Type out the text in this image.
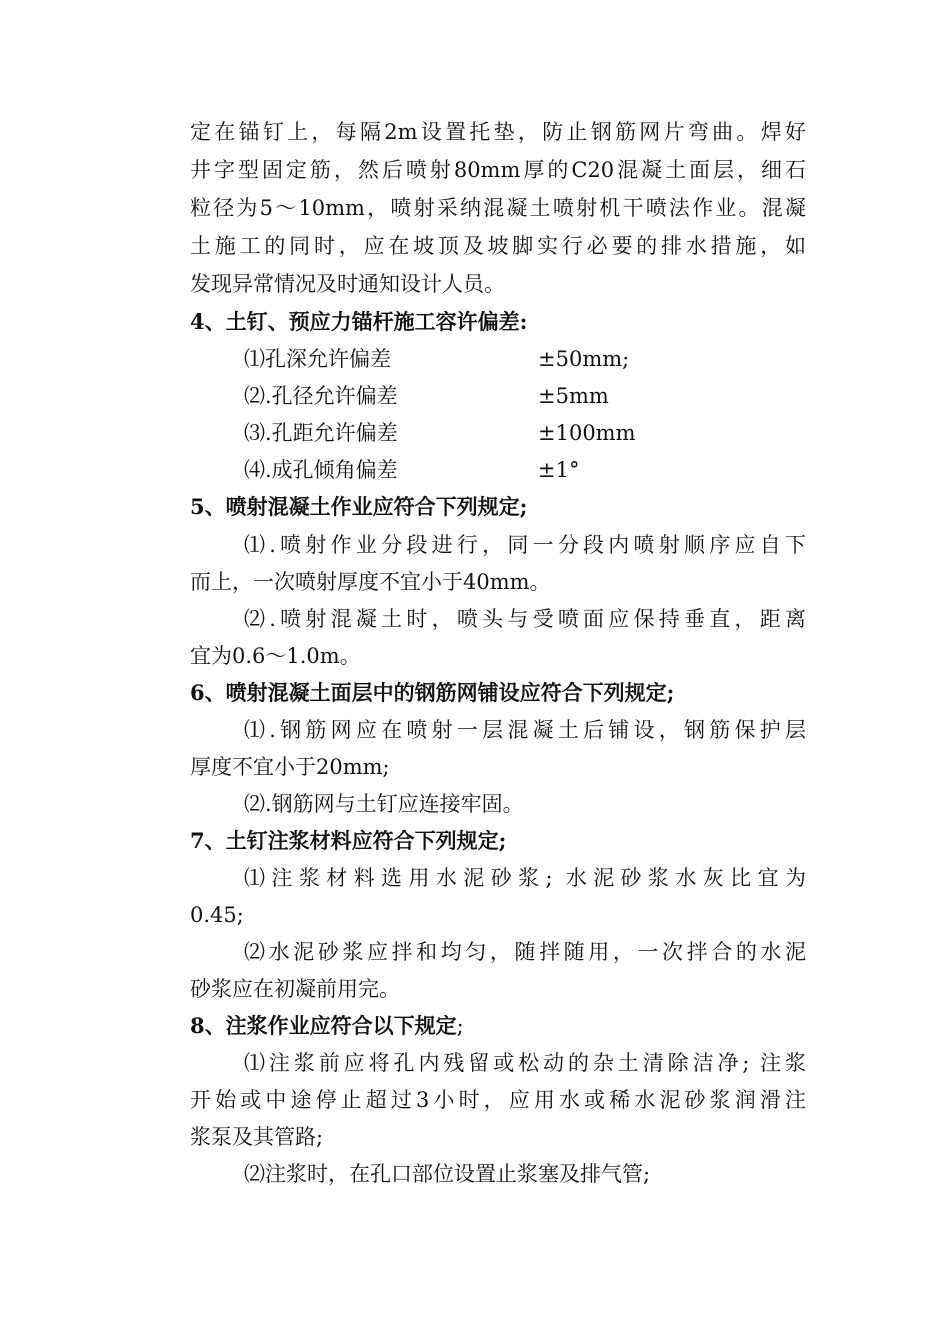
定在锚钉上，每隔2m设置托垫，防止钢筋网片弯曲。焊好
井字型固定筋，然后喷射80mm厚的C20混凝土面层，细石
粒径为5～10mm，喷射采纳混凝土喷射机干喷法作业。混凝
土施工的同时，应在坡顶及坡脚实行必要的排水措施，如
发现异常情况及时通知设计人员。
4、土钉、预应力锚杆施工容许偏差:
⑴孔深允许偏差	±50mm;
⑵.孔径允许偏差	±5mm
⑶.孔距允许偏差	±100mm
⑷.成孔倾角偏差	±1°
5、喷射混凝土作业应符合下列规定;
⑴.喷射作业分段进行，同一分段内喷射顺序应自下
而上，一次喷射厚度不宜小于40mm。
⑵.喷射混凝土时，喷头与受喷面应保持垂直，距离
宜为0.6～1.0m。
6、喷射混凝土面层中的钢筋网铺设应符合下列规定;
⑴.钢筋网应在喷射一层混凝土后铺设，钢筋保护层
厚度不宜小于20mm;
⑵.钢筋网与土钉应连接牢固。
7、土钉注浆材料应符合下列规定;
⑴注浆材料选用水泥砂浆; 水泥砂浆水灰比宜为
0.45;
⑵水泥砂浆应拌和均匀，随拌随用，一次拌合的水泥
砂浆应在初凝前用完。
8、注浆作业应符合以下规定;
⑴注浆前应将孔内残留或松动的杂土清除洁净; 注浆
开始或中途停止超过3小时，应用水或稀水泥砂浆润滑注
浆泵及其管路;
⑵注浆时，在孔口部位设置止浆塞及排气管;
